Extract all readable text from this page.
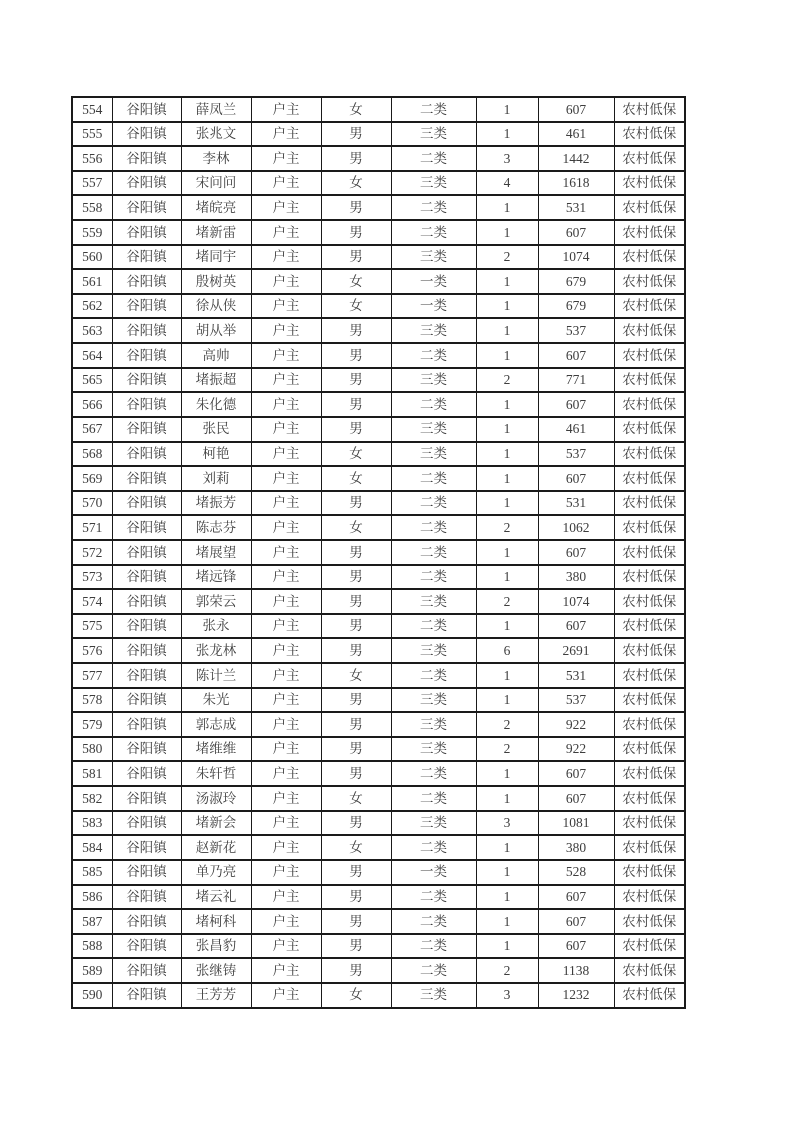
554	谷阳镇	薛凤兰	户主	女	二类	1	607	农村低保
555	谷阳镇	张兆文	户主	男	三类	1	461	农村低保
556	谷阳镇	李林	户主	男	二类	3	1442	农村低保
557	谷阳镇	宋问问	户主	女	三类	4	1618	农村低保
558	谷阳镇	堵皖亮	户主	男	二类	1	531	农村低保
559	谷阳镇	堵新雷	户主	男	二类	1	607	农村低保
560	谷阳镇	堵同宇	户主	男	三类	2	1074	农村低保
561	谷阳镇	殷树英	户主	女	一类	1	679	农村低保
562	谷阳镇	徐从侠	户主	女	一类	1	679	农村低保
563	谷阳镇	胡从举	户主	男	三类	1	537	农村低保
564	谷阳镇	高帅	户主	男	二类	1	607	农村低保
565	谷阳镇	堵振超	户主	男	三类	2	771	农村低保
566	谷阳镇	朱化德	户主	男	二类	1	607	农村低保
567	谷阳镇	张民	户主	男	三类	1	461	农村低保
568	谷阳镇	柯艳	户主	女	三类	1	537	农村低保
569	谷阳镇	刘莉	户主	女	二类	1	607	农村低保
570	谷阳镇	堵振芳	户主	男	二类	1	531	农村低保
571	谷阳镇	陈志芬	户主	女	二类	2	1062	农村低保
572	谷阳镇	堵展望	户主	男	二类	1	607	农村低保
573	谷阳镇	堵远锋	户主	男	二类	1	380	农村低保
574	谷阳镇	郭荣云	户主	男	三类	2	1074	农村低保
575	谷阳镇	张永	户主	男	二类	1	607	农村低保
576	谷阳镇	张龙林	户主	男	三类	6	2691	农村低保
577	谷阳镇	陈计兰	户主	女	二类	1	531	农村低保
578	谷阳镇	朱光	户主	男	三类	1	537	农村低保
579	谷阳镇	郭志成	户主	男	三类	2	922	农村低保
580	谷阳镇	堵维维	户主	男	三类	2	922	农村低保
581	谷阳镇	朱轩哲	户主	男	二类	1	607	农村低保
582	谷阳镇	汤淑玲	户主	女	二类	1	607	农村低保
583	谷阳镇	堵新会	户主	男	三类	3	1081	农村低保
584	谷阳镇	赵新花	户主	女	二类	1	380	农村低保
585	谷阳镇	单乃亮	户主	男	一类	1	528	农村低保
586	谷阳镇	堵云礼	户主	男	二类	1	607	农村低保
587	谷阳镇	堵柯科	户主	男	二类	1	607	农村低保
588	谷阳镇	张昌豹	户主	男	二类	1	607	农村低保
589	谷阳镇	张继铸	户主	男	二类	2	1138	农村低保
590	谷阳镇	王芳芳	户主	女	三类	3	1232	农村低保
